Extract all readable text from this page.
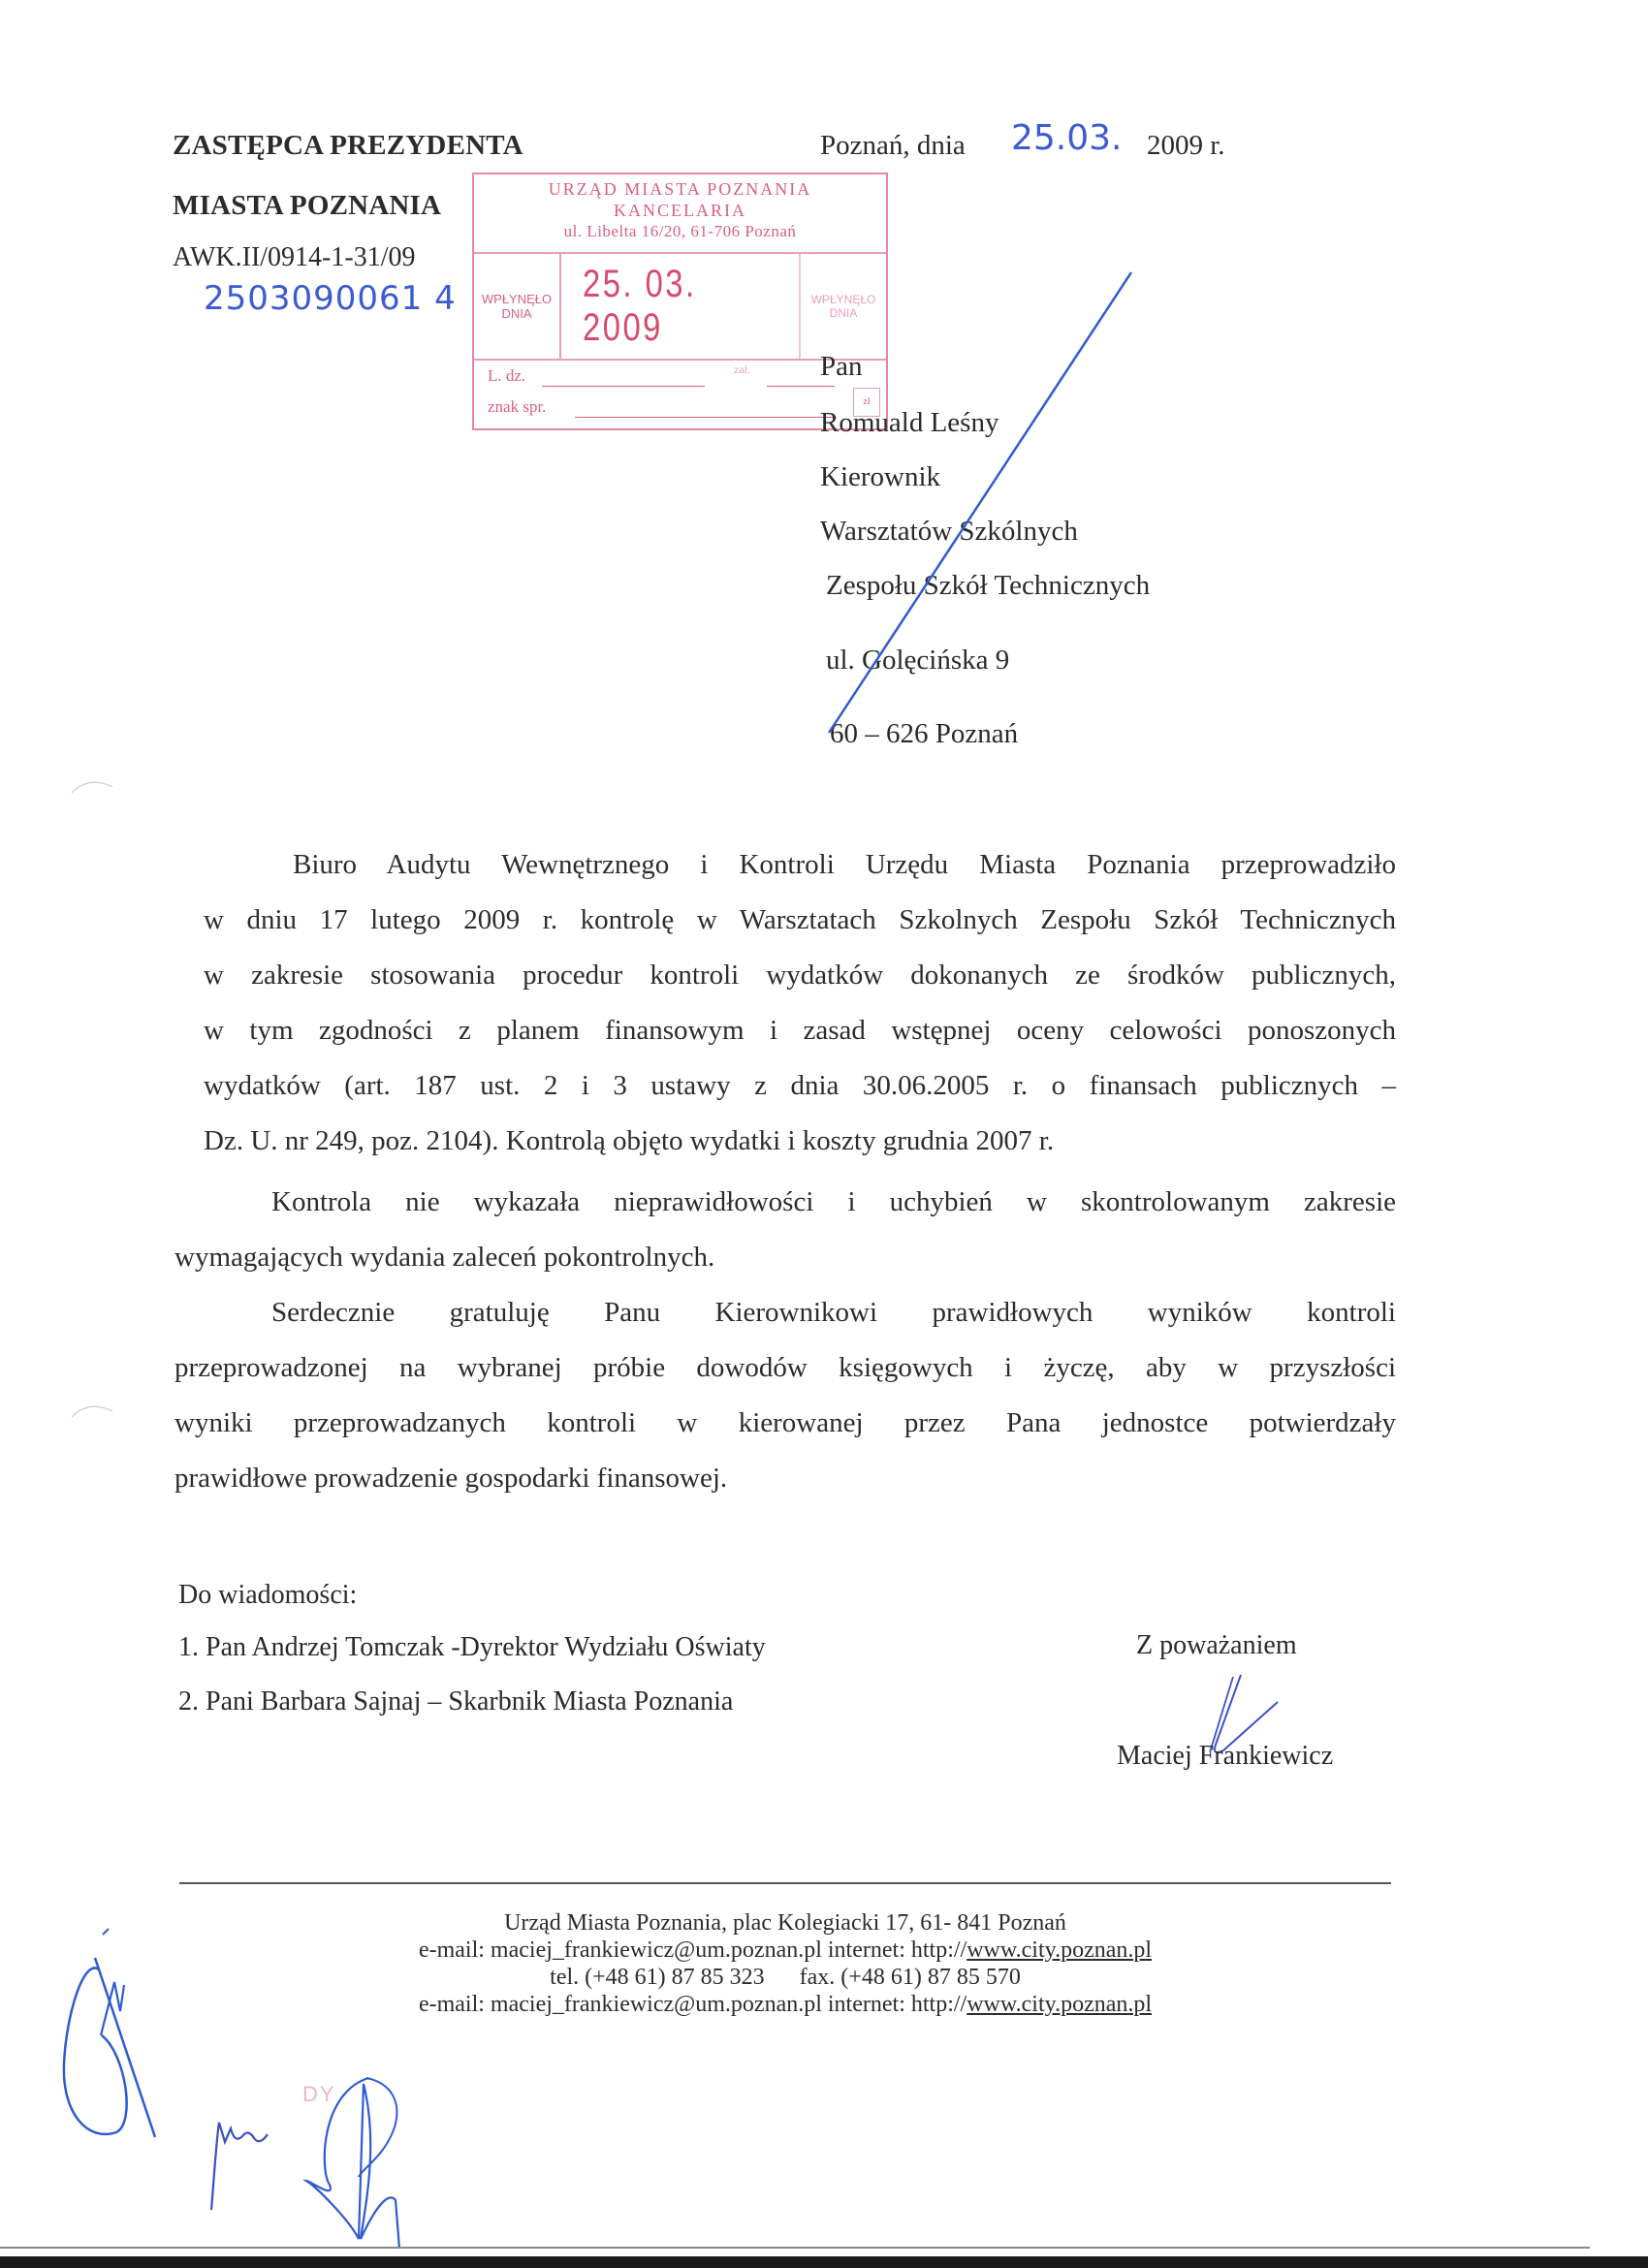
ZASTĘPCA PREZYDENTA
MIASTA POZNANIA
AWK.II/0914-1-31/09
2503090061 4
Poznań, dnia 25.03. 2009 r.
URZĄD MIASTA POZNANIA
KANCELARIA
ul. Libelta 16/20, 61-706 Poznań
WPŁYNĘŁO
DNIA
25. 03. 2009
WPŁYNĘŁO
DNIA
L. dz.	zał.
znak spr.	zł
Pan
Romuald Leśny
Kierownik
Warsztatów Szkólnych
Zespołu Szkół Technicznych
ul. Golęcińska 9
60 – 626 Poznań
Biuro Audytu Wewnętrznego i Kontroli Urzędu Miasta Poznania przeprowadziło
w dniu 17 lutego 2009 r. kontrolę w Warsztatach Szkolnych Zespołu Szkół Technicznych
w zakresie stosowania procedur kontroli wydatków dokonanych ze środków publicznych,
w tym zgodności z planem finansowym i zasad wstępnej oceny celowości ponoszonych
wydatków (art. 187 ust. 2 i 3 ustawy z dnia 30.06.2005 r. o finansach publicznych –
Dz. U. nr 249, poz. 2104). Kontrolą objęto wydatki i koszty grudnia 2007 r.
Kontrola nie wykazała nieprawidłowości i uchybień w skontrolowanym zakresie
wymagających wydania zaleceń pokontrolnych.
Serdecznie gratuluję Panu Kierownikowi prawidłowych wyników kontroli
przeprowadzonej na wybranej próbie dowodów księgowych i życzę, aby w przyszłości
wyniki przeprowadzanych kontroli w kierowanej przez Pana jednostce potwierdzały
prawidłowe prowadzenie gospodarki finansowej.
Do wiadomości:
1. Pan Andrzej Tomczak -Dyrektor Wydziału Oświaty
2. Pani Barbara Sajnaj – Skarbnik Miasta Poznania
Z poważaniem
Maciej Frankiewicz
Urząd Miasta Poznania, plac Kolegiacki 17, 61- 841 Poznań
e-mail: maciej_frankiewicz@um.poznan.pl internet: http://www.city.poznan.pl
tel. (+48 61) 87 85 323      fax. (+48 61) 87 85 570
e-mail: maciej_frankiewicz@um.poznan.pl internet: http://www.city.poznan.pl
DY
